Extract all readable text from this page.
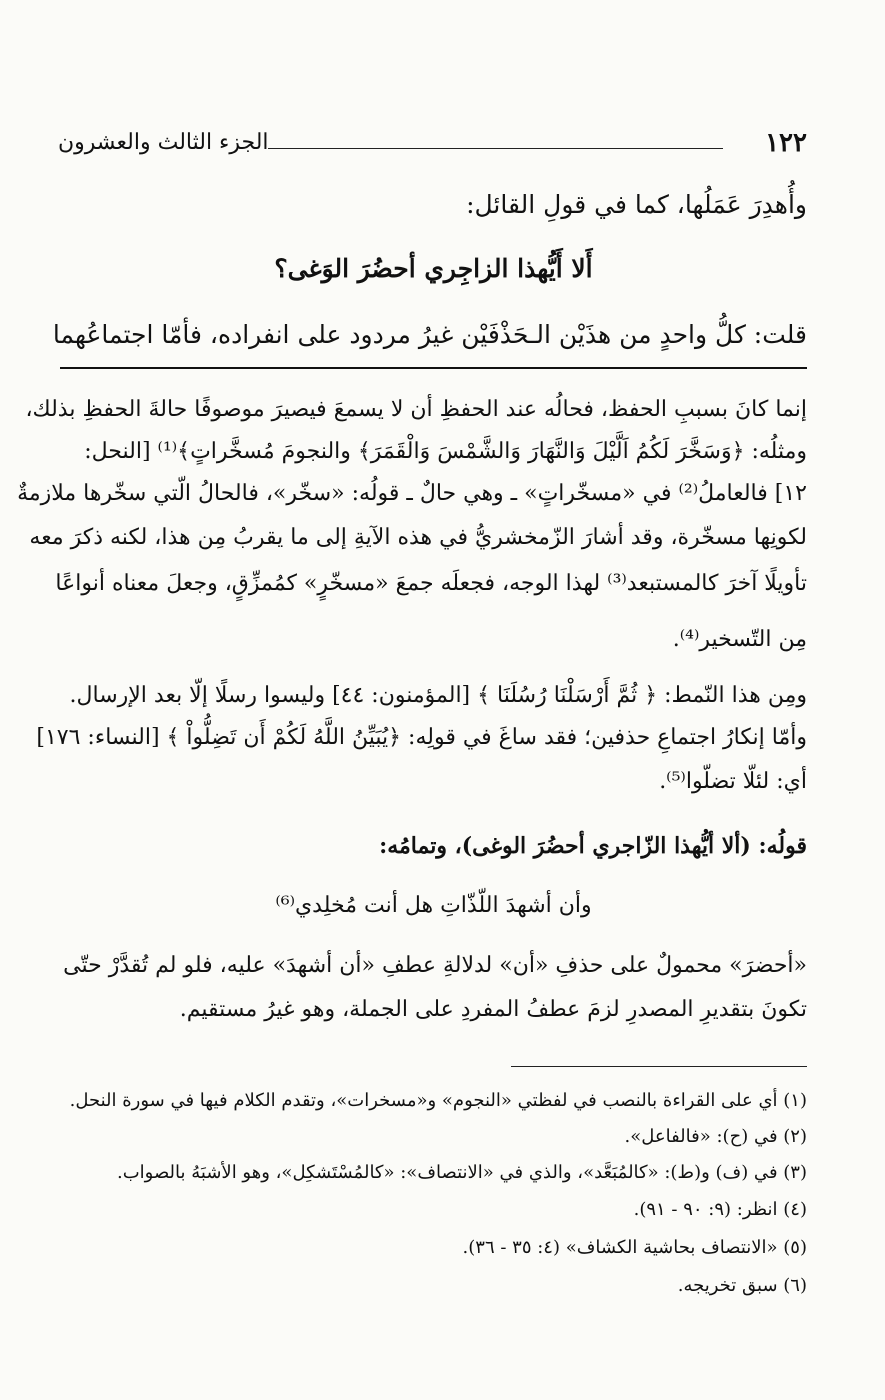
١٢٢
الجزء الثالث والعشرون
وأُهدِرَ عَمَلُها، كما في قولِ القائل:
أَلا أَيُّهذا الزاجِري أحضُرَ الوَغى؟
قلت: كلُّ واحدٍ من هذَيْن الـحَذْفَيْن غيرُ مردود على انفراده، فأمّا اجتماعُهما
إنما كانَ بسببِ الحفظ، فحالُه عند الحفظِ أن لا يسمعَ فيصيرَ موصوفًا حالةَ الحفظِ بذلك،
ومثلُه: ﴿وَسَخَّرَ لَكُمُ اَلَّيْلَ وَالنَّهَارَ وَالشَّمْسَ وَالْقَمَرَ﴾ والنجومَ مُسخَّراتٍ﴾⁽¹⁾ [النحل:
١٢] فالعاملُ⁽²⁾ في «مسخّراتٍ» ـ وهي حالٌ ـ قولُه: «سخّر»، فالحالُ الّتي سخّرها ملازمةٌ
لكونِها مسخّرة، وقد أشارَ الزّمخشريُّ في هذه الآيةِ إلى ما يقربُ مِن هذا، لكنه ذكرَ معه
تأويلًا آخرَ كالمستبعد⁽³⁾ لهذا الوجه، فجعلَه جمعَ «مسخّرٍ» كمُمزِّقٍ، وجعلَ معناه أنواعًا
مِن التّسخير⁽⁴⁾.
ومِن هذا النّمط: ﴿ ثُمَّ أَرْسَلْنَا رُسُلَنَا ﴾ [المؤمنون: ٤٤] وليسوا رسلًا إلّا بعد الإرسال.
وأمّا إنكارُ اجتماعِ حذفين؛ فقد ساغَ في قولِه: ﴿يُبَيِّنُ اللَّهُ لَكُمْ أَن تَضِلُّواْ ﴾ [النساء: ١٧٦]
أي: لئلّا تضلّوا⁽⁵⁾.
قولُه: (ألا أيُّهذا الزّاجري أحضُرَ الوغى)، وتمامُه:
وأن أشهدَ اللّذّاتِ هل أنت مُخلِدي⁽⁶⁾
«أحضرَ» محمولٌ على حذفِ «أن» لدلالةِ عطفِ «أن أشهدَ» عليه، فلو لم تُقدَّرْ حتّى
تكونَ بتقديرِ المصدرِ لزمَ عطفُ المفردِ على الجملة، وهو غيرُ مستقيم.
(١) أي على القراءة بالنصب في لفظتي «النجوم» و«مسخرات»، وتقدم الكلام فيها في سورة النحل.
(٢) في (ح): «فالفاعل».
(٣) في (ف) و(ط): «كالمُبَعَّد»، والذي في «الانتصاف»: «كالمُسْتَشكِل»، وهو الأشبَهُ بالصواب.
(٤) انظر: (٩: ٩٠ - ٩١).
(٥) «الانتصاف بحاشية الكشاف» (٤: ٣٥ - ٣٦).
(٦) سبق تخريجه.
